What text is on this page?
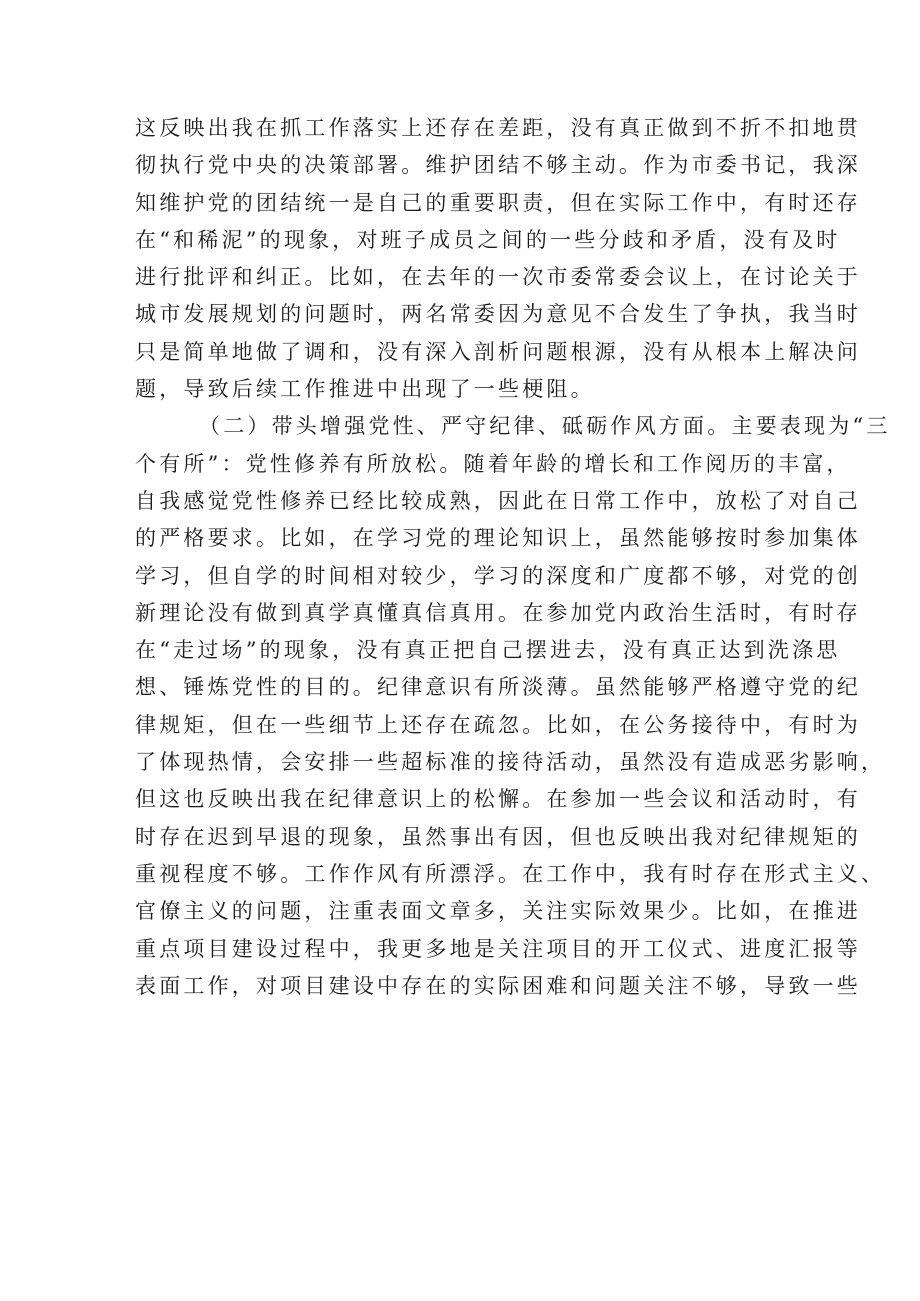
这反映出我在抓工作落实上还存在差距，没有真正做到不折不扣地贯
彻执行党中央的决策部署。维护团结不够主动。作为市委书记，我深
知维护党的团结统一是自己的重要职责，但在实际工作中，有时还存
在“和稀泥”的现象，对班子成员之间的一些分歧和矛盾，没有及时
进行批评和纠正。比如，在去年的一次市委常委会议上，在讨论关于
城市发展规划的问题时，两名常委因为意见不合发生了争执，我当时
只是简单地做了调和，没有深入剖析问题根源，没有从根本上解决问
题，导致后续工作推进中出现了一些梗阻。
（二）带头增强党性、严守纪律、砥砺作风方面。主要表现为“三
个有所”：党性修养有所放松。随着年龄的增长和工作阅历的丰富，
自我感觉党性修养已经比较成熟，因此在日常工作中，放松了对自己
的严格要求。比如，在学习党的理论知识上，虽然能够按时参加集体
学习，但自学的时间相对较少，学习的深度和广度都不够，对党的创
新理论没有做到真学真懂真信真用。在参加党内政治生活时，有时存
在“走过场”的现象，没有真正把自己摆进去，没有真正达到洗涤思
想、锤炼党性的目的。纪律意识有所淡薄。虽然能够严格遵守党的纪
律规矩，但在一些细节上还存在疏忽。比如，在公务接待中，有时为
了体现热情，会安排一些超标准的接待活动，虽然没有造成恶劣影响，
但这也反映出我在纪律意识上的松懈。在参加一些会议和活动时，有
时存在迟到早退的现象，虽然事出有因，但也反映出我对纪律规矩的
重视程度不够。工作作风有所漂浮。在工作中，我有时存在形式主义、
官僚主义的问题，注重表面文章多，关注实际效果少。比如，在推进
重点项目建设过程中，我更多地是关注项目的开工仪式、进度汇报等
表面工作，对项目建设中存在的实际困难和问题关注不够，导致一些
